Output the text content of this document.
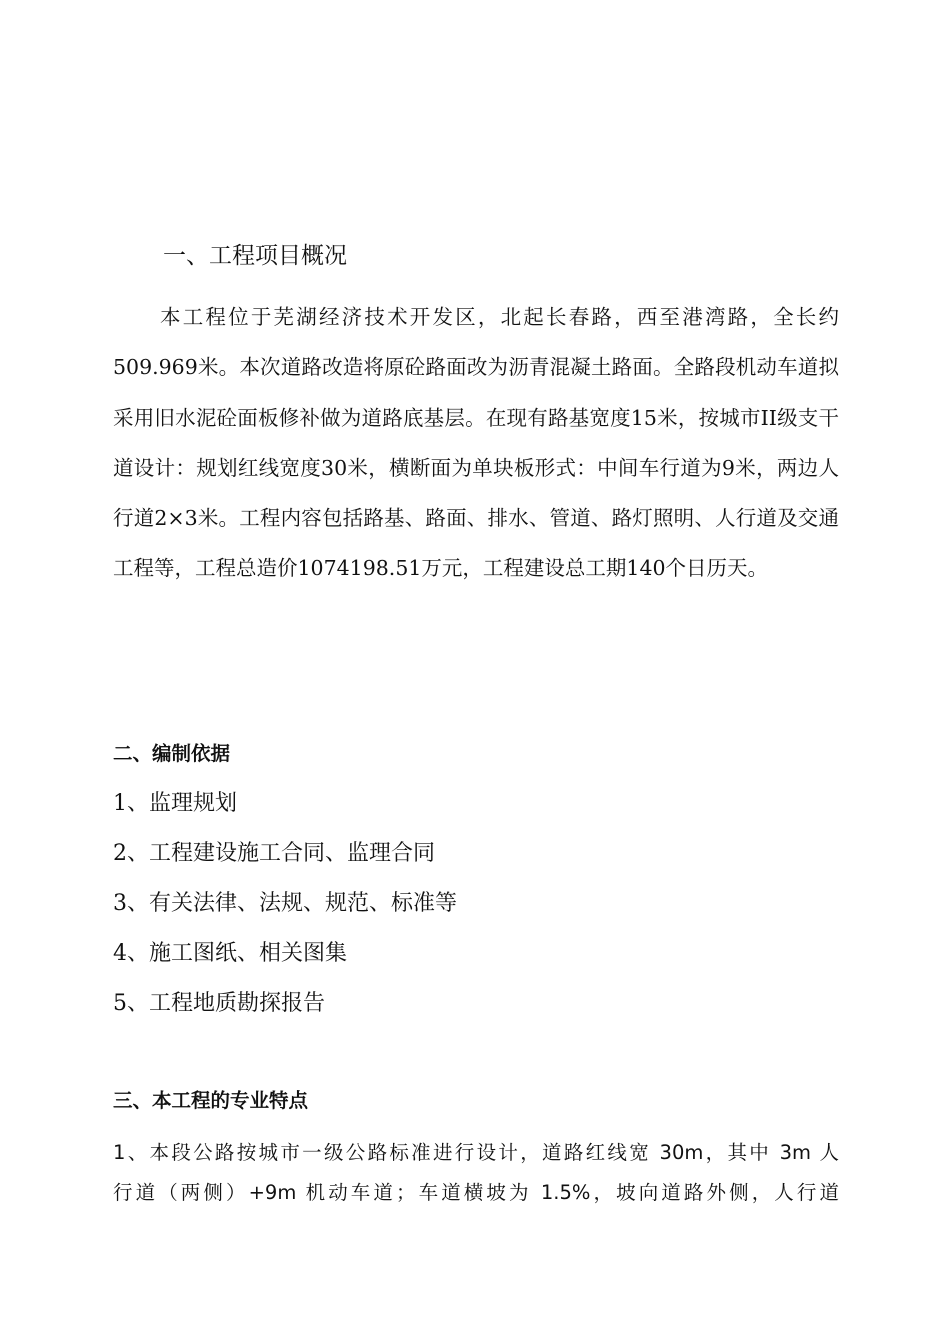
一、工程项目概况
本工程位于芜湖经济技术开发区，北起长春路，西至港湾路，全长约509.969米。本次道路改造将原砼路面改为沥青混凝土路面。全路段机动车道拟采用旧水泥砼面板修补做为道路底基层。在现有路基宽度15米，按城市II级支干道设计：规划红线宽度30米，横断面为单块板形式：中间车行道为9米，两边人行道2×3米。工程内容包括路基、路面、排水、管道、路灯照明、人行道及交通工程等，工程总造价1074198.51万元，工程建设总工期140个日历天。
二、编制依据
1、监理规划
2、工程建设施工合同、监理合同
3、有关法律、法规、规范、标准等
4、施工图纸、相关图集
5、工程地质勘探报告
三、本工程的专业特点
1、本段公路按城市一级公路标准进行设计，道路红线宽 30m，其中 3m 人
行道（两侧）+9m 机动车道；车道横坡为 1.5%，坡向道路外侧，人行道
